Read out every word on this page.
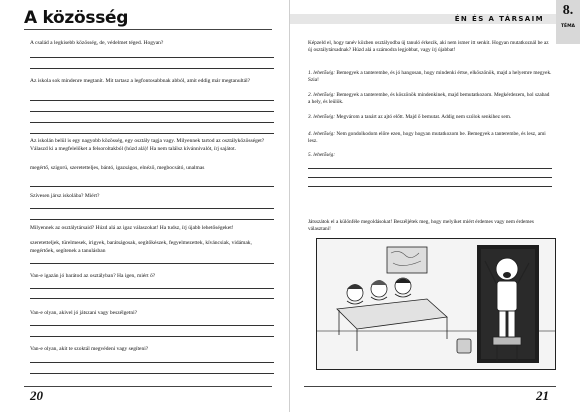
A közösség
A család a legkisebb közösség, de, védelmet téged. Hogyan?
Az iskola sok mindenre megtanít. Mit tartasz a legfontosabbnak abból, amit eddig már megtanultál?
Az iskolán belül is egy nagyobb közösség, egy osztály tagja vagy. Milyennek tartod az osztályközösséget? Válaszd ki a megfelelőket a felsoroltakból (húzd alá)! Ha nem találsz kívánnivalót, írj sajátot.
megértő, szigorú, szeretetteljes, bántó, igazságos, elnéző, megbocsátó, unalmas
Szívesen jársz iskolába? Miért?
Milyennek az osztálytársaid? Húzd alá az igaz válaszokat! Ha tudsz, írj újabb lehetőségeket!
szeretetteljek, türelmesek, irigyek, barátságosak, segítőkészek, fegyelmezettek, kíváncsiak, vidámak, megértőek, segítenek a tanulásban
Van-e igazán jó barátod az osztályban? Ha igen, miért ő?
Van-e olyan, akivel jó játszani vagy beszélgetni?
Van-e olyan, akit te szoktál megvédeni vagy segíteni?
20
ÉN ÉS A TÁRSAIM
8.
TÉMA
Képzeld el, hogy tanév közben osztályodba új tanuló érkezik, aki nem ismer itt senkit. Hogyan mutatkoznál be az új osztálytársadnak? Húzd alá a számodra legjobbat, vagy írj újabbat!
1. lehetőség: Bemegyek a tanterembe, és jó hangosan, hogy mindenki értse, elköszönök, majd a helyemre megyek. Szia!
2. lehetőség: Bemegyek a tanterembe, és köszönök mindenkinek, majd bemutatkozom. Megkérdezem, hol szabad a hely, és leülök.
3. lehetőség: Megvárom a tanárt az ajtó előtt. Majd ő bemutat. Addig nem szólok senkihez sem.
4. lehetőség: Nem gondolkodom előre ezen, hogy hogyan mutatkozom be. Bemegyek a tanterembe, és lesz, ami lesz.
5. lehetőség:
Játsszátok el a különféle megoldásokat! Beszéljétek meg, hogy melyiket miért érdemes vagy nem érdemes választani!
21
